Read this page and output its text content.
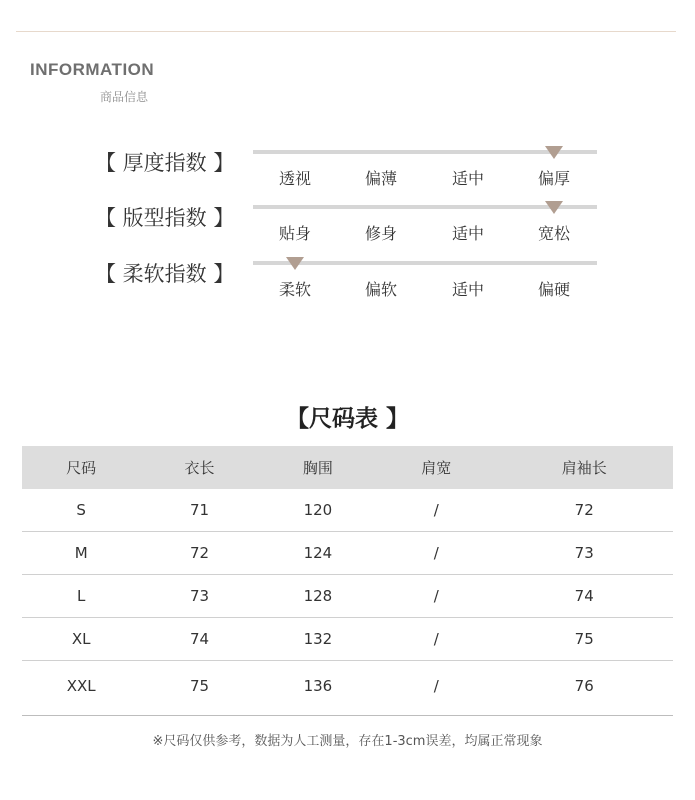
INFORMATION
商品信息
【 厚度指数 】
透视	偏薄	适中	偏厚
【 版型指数 】
贴身	修身	适中	宽松
【 柔软指数 】
柔软	偏软	适中	偏硬
【尺码表 】
尺码	衣长	胸围	肩宽	肩袖长
S	71	120	/	72
M	72	124	/	73
L	73	128	/	74
XL	74	132	/	75
XXL	75	136	/	76
※尺码仅供参考，数据为人工测量，存在1-3cm误差，均属正常现象
